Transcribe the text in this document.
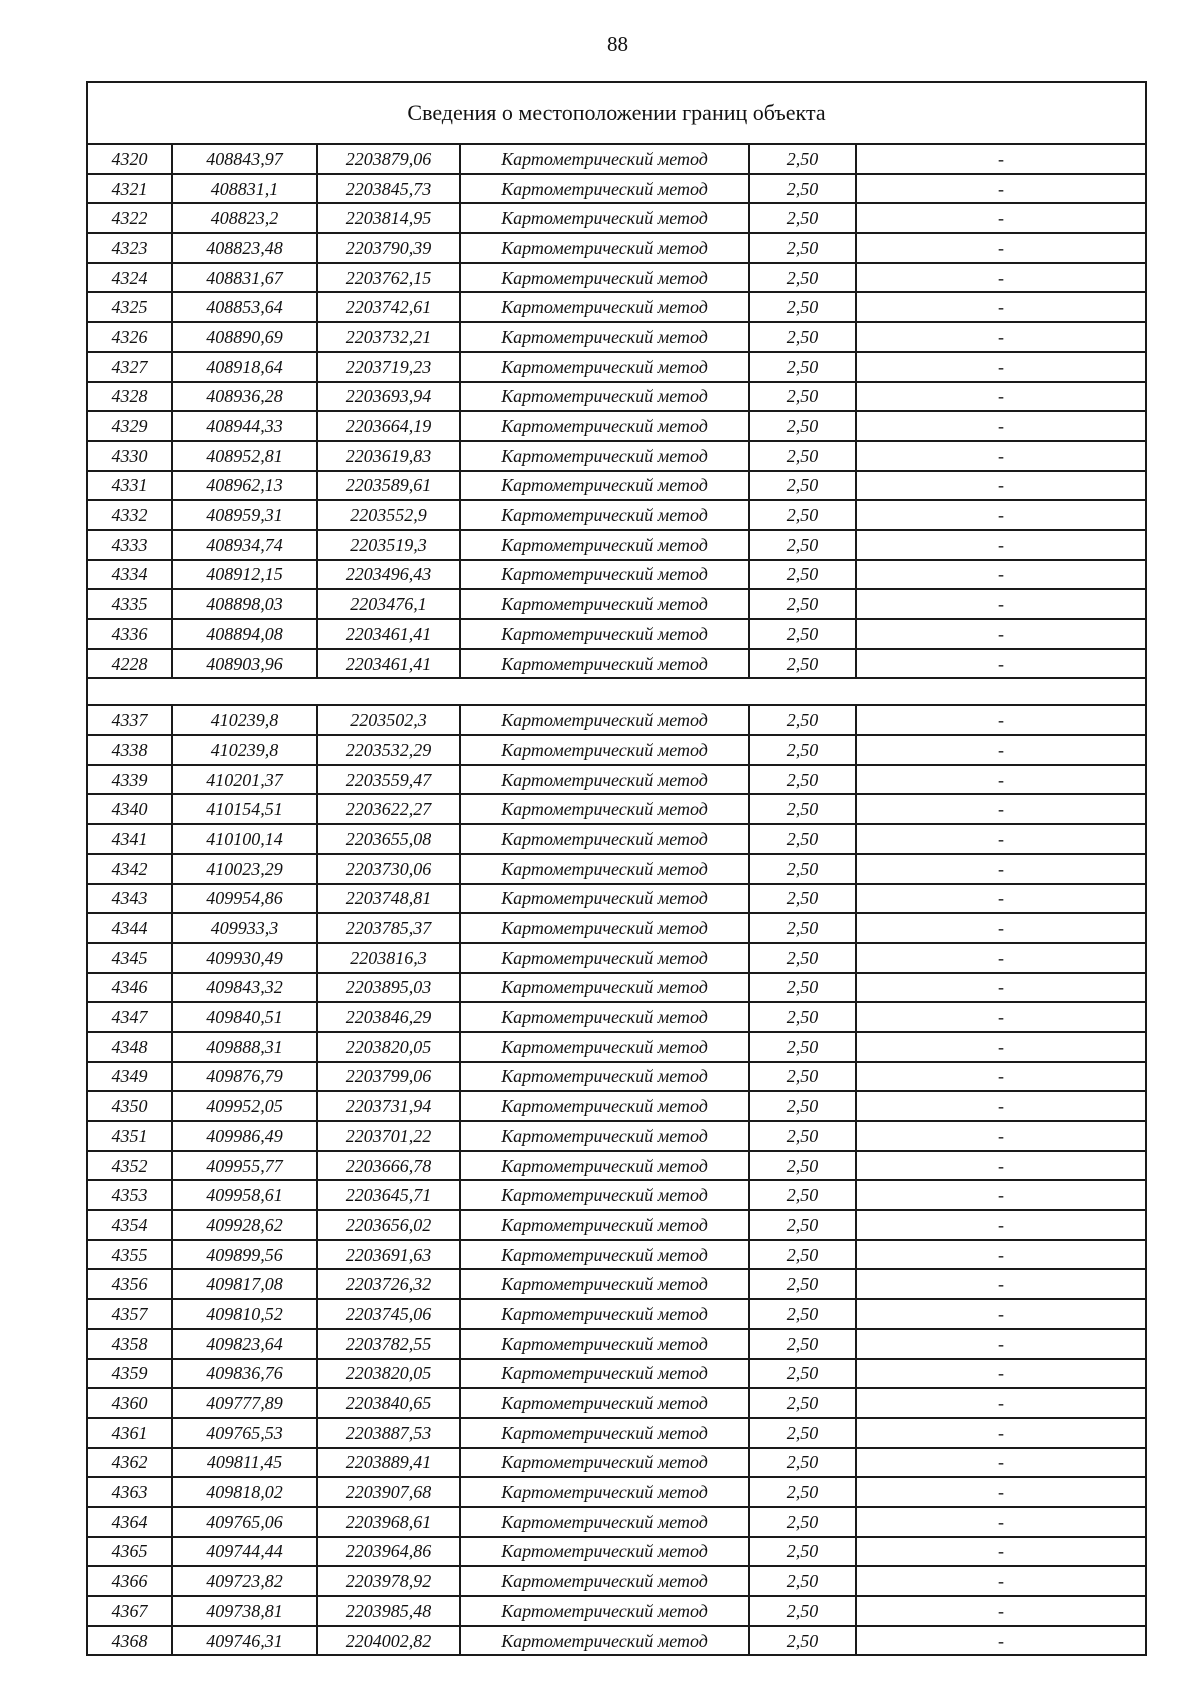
88
Сведения о местоположении границ объекта
4320	408843,97	2203879,06	Картометрический метод	2,50	-
4321	408831,1	2203845,73	Картометрический метод	2,50	-
4322	408823,2	2203814,95	Картометрический метод	2,50	-
4323	408823,48	2203790,39	Картометрический метод	2,50	-
4324	408831,67	2203762,15	Картометрический метод	2,50	-
4325	408853,64	2203742,61	Картометрический метод	2,50	-
4326	408890,69	2203732,21	Картометрический метод	2,50	-
4327	408918,64	2203719,23	Картометрический метод	2,50	-
4328	408936,28	2203693,94	Картометрический метод	2,50	-
4329	408944,33	2203664,19	Картометрический метод	2,50	-
4330	408952,81	2203619,83	Картометрический метод	2,50	-
4331	408962,13	2203589,61	Картометрический метод	2,50	-
4332	408959,31	2203552,9	Картометрический метод	2,50	-
4333	408934,74	2203519,3	Картометрический метод	2,50	-
4334	408912,15	2203496,43	Картометрический метод	2,50	-
4335	408898,03	2203476,1	Картометрический метод	2,50	-
4336	408894,08	2203461,41	Картометрический метод	2,50	-
4228	408903,96	2203461,41	Картометрический метод	2,50	-

4337	410239,8	2203502,3	Картометрический метод	2,50	-
4338	410239,8	2203532,29	Картометрический метод	2,50	-
4339	410201,37	2203559,47	Картометрический метод	2,50	-
4340	410154,51	2203622,27	Картометрический метод	2,50	-
4341	410100,14	2203655,08	Картометрический метод	2,50	-
4342	410023,29	2203730,06	Картометрический метод	2,50	-
4343	409954,86	2203748,81	Картометрический метод	2,50	-
4344	409933,3	2203785,37	Картометрический метод	2,50	-
4345	409930,49	2203816,3	Картометрический метод	2,50	-
4346	409843,32	2203895,03	Картометрический метод	2,50	-
4347	409840,51	2203846,29	Картометрический метод	2,50	-
4348	409888,31	2203820,05	Картометрический метод	2,50	-
4349	409876,79	2203799,06	Картометрический метод	2,50	-
4350	409952,05	2203731,94	Картометрический метод	2,50	-
4351	409986,49	2203701,22	Картометрический метод	2,50	-
4352	409955,77	2203666,78	Картометрический метод	2,50	-
4353	409958,61	2203645,71	Картометрический метод	2,50	-
4354	409928,62	2203656,02	Картометрический метод	2,50	-
4355	409899,56	2203691,63	Картометрический метод	2,50	-
4356	409817,08	2203726,32	Картометрический метод	2,50	-
4357	409810,52	2203745,06	Картометрический метод	2,50	-
4358	409823,64	2203782,55	Картометрический метод	2,50	-
4359	409836,76	2203820,05	Картометрический метод	2,50	-
4360	409777,89	2203840,65	Картометрический метод	2,50	-
4361	409765,53	2203887,53	Картометрический метод	2,50	-
4362	409811,45	2203889,41	Картометрический метод	2,50	-
4363	409818,02	2203907,68	Картометрический метод	2,50	-
4364	409765,06	2203968,61	Картометрический метод	2,50	-
4365	409744,44	2203964,86	Картометрический метод	2,50	-
4366	409723,82	2203978,92	Картометрический метод	2,50	-
4367	409738,81	2203985,48	Картометрический метод	2,50	-
4368	409746,31	2204002,82	Картометрический метод	2,50	-
